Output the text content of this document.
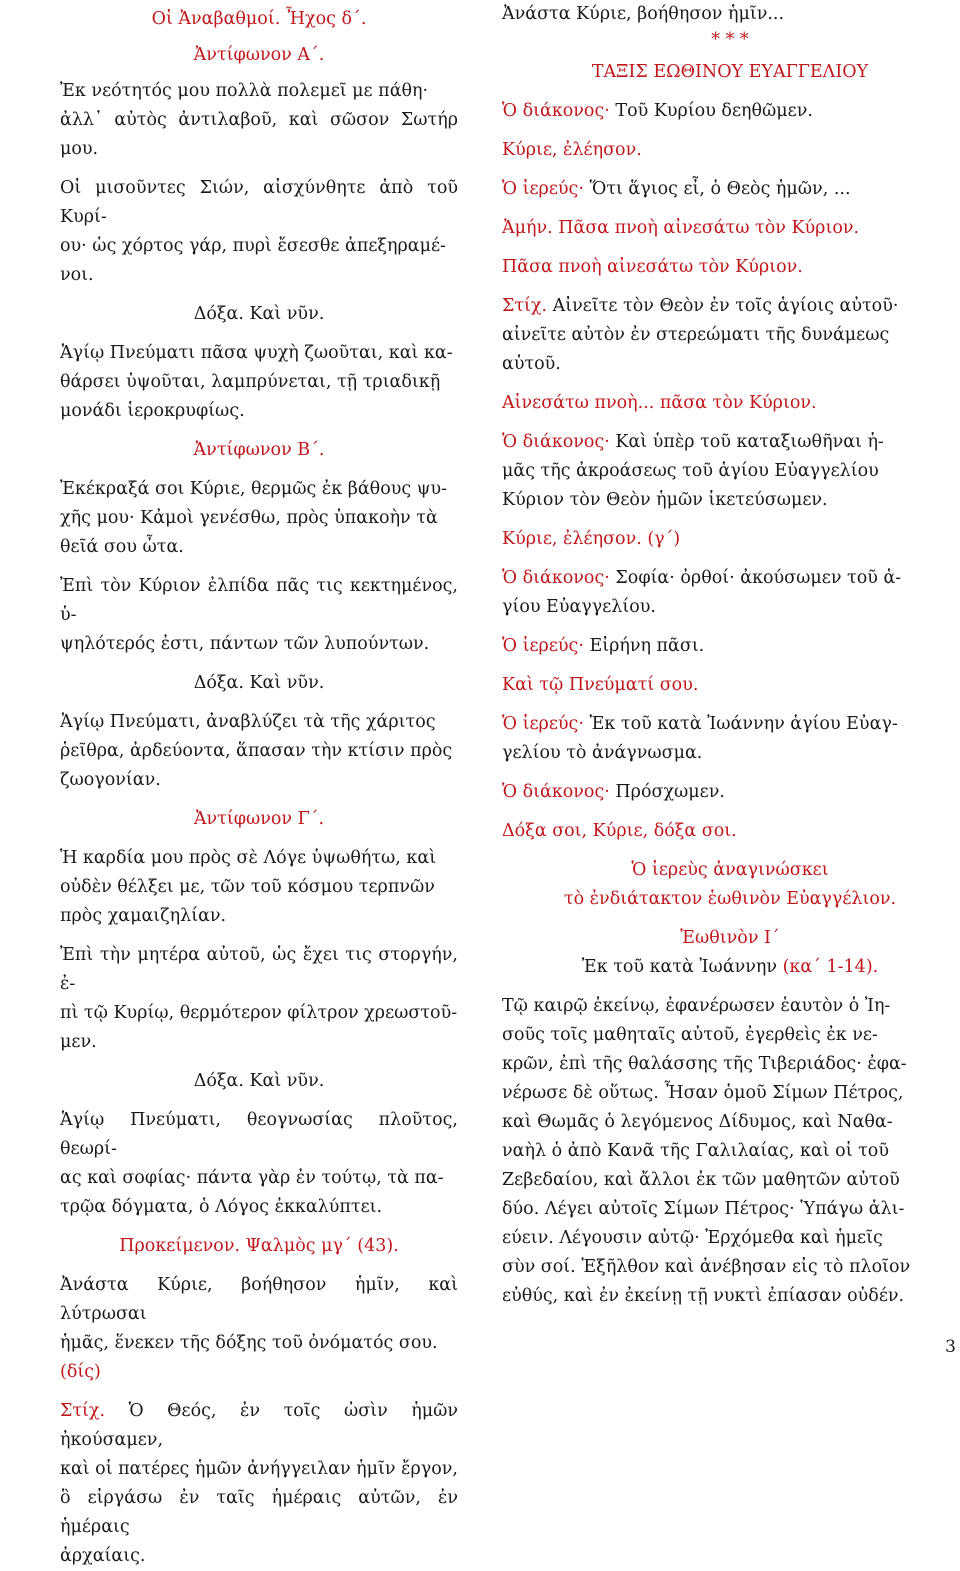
Οἱ Ἀναβαθμοί. Ἦχος δ΄.
Ἀντίφωνον Α΄.
Ἐκ νεότητός μου πολλὰ πολεμεῖ με πάθη·
ἀλλ᾽ αὐτὸς ἀντιλαβοῦ, καὶ σῶσον Σωτήρ μου.
Οἱ μισοῦντες Σιών, αἰσχύνθητε ἀπὸ τοῦ Κυρί-
ου· ὡς χόρτος γάρ, πυρὶ ἔσεσθε ἀπεξηραμέ-
νοι.
Δόξα. Καὶ νῦν.
Ἁγίῳ Πνεύματι πᾶσα ψυχὴ ζωοῦται, καὶ κα-
θάρσει ὑψοῦται, λαμπρύνεται, τῇ τριαδικῇ
μονάδι ἱεροκρυφίως.
Ἀντίφωνον Β΄.
Ἐκέκραξά σοι Κύριε, θερμῶς ἐκ βάθους ψυ-
χῆς μου· Κἀμοὶ γενέσθω, πρὸς ὑπακοὴν τὰ
θεῖά σου ὦτα.
Ἐπὶ τὸν Κύριον ἐλπίδα πᾶς τις κεκτημένος, ὑ-
ψηλότερός ἐστι, πάντων τῶν λυπούντων.
Δόξα. Καὶ νῦν.
Ἁγίῳ Πνεύματι, ἀναβλύζει τὰ τῆς χάριτος
ῥεῖθρα, ἀρδεύοντα, ἅπασαν τὴν κτίσιν πρὸς
ζωογονίαν.
Ἀντίφωνον Γ΄.
Ἡ καρδία μου πρὸς σὲ Λόγε ὑψωθήτω, καὶ
οὐδὲν θέλξει με, τῶν τοῦ κόσμου τερπνῶν
πρὸς χαμαιζηλίαν.
Ἐπὶ τὴν μητέρα αὐτοῦ, ὡς ἔχει τις στοργήν, ἐ-
πὶ τῷ Κυρίῳ, θερμότερον φίλτρον χρεωστοῦ-
μεν.
Δόξα. Καὶ νῦν.
Ἁγίῳ Πνεύματι, θεογνωσίας πλοῦτος, θεωρί-
ας καὶ σοφίας· πάντα γὰρ ἐν τούτῳ, τὰ πα-
τρῷα δόγματα, ὁ Λόγος ἐκκαλύπτει.
Προκείμενον. Ψαλμὸς μγ΄ (43).
Ἀνάστα Κύριε, βοήθησον ἡμῖν, καὶ λύτρωσαι
ἡμᾶς, ἕνεκεν τῆς δόξης τοῦ ὀνόματός σου.
(δίς)
Στίχ. Ὁ Θεός, ἐν τοῖς ὠσὶν ἡμῶν ἠκούσαμεν,
καὶ οἱ πατέρες ἡμῶν ἀνήγγειλαν ἡμῖν ἔργον,
ὃ εἰργάσω ἐν ταῖς ἡμέραις αὐτῶν, ἐν ἡμέραις
ἀρχαίαις.
Ἀνάστα Κύριε, βοήθησον ἡμῖν...
* * *
ΤΑΞΙΣ ΕΩΘΙΝΟΥ ΕΥΑΓΓΕΛΙΟΥ
Ὁ διάκονος· Τοῦ Κυρίου δεηθῶμεν.
Κύριε, ἐλέησον.
Ὁ ἱερεύς· Ὅτι ἅγιος εἶ, ὁ Θεὸς ἡμῶν, ...
Ἀμήν. Πᾶσα πνοὴ αἰνεσάτω τὸν Κύριον.
Πᾶσα πνοὴ αἰνεσάτω τὸν Κύριον.
Στίχ. Αἰνεῖτε τὸν Θεὸν ἐν τοῖς ἁγίοις αὐτοῦ·
αἰνεῖτε αὐτὸν ἐν στερεώματι τῆς δυνάμεως
αὐτοῦ.
Αἰνεσάτω πνοὴ... πᾶσα τὸν Κύριον.
Ὁ διάκονος· Καὶ ὑπὲρ τοῦ καταξιωθῆναι ἡ-
μᾶς τῆς ἀκροάσεως τοῦ ἁγίου Εὐαγγελίου
Κύριον τὸν Θεὸν ἡμῶν ἱκετεύσωμεν.
Κύριε, ἐλέησον. (γ΄)
Ὁ διάκονος· Σοφία· ὀρθοί· ἀκούσωμεν τοῦ ἁ-
γίου Εὐαγγελίου.
Ὁ ἱερεύς· Εἰρήνη πᾶσι.
Καὶ τῷ Πνεύματί σου.
Ὁ ἱερεύς· Ἐκ τοῦ κατὰ Ἰωάννην ἁγίου Εὐαγ-
γελίου τὸ ἀνάγνωσμα.
Ὁ διάκονος· Πρόσχωμεν.
Δόξα σοι, Κύριε, δόξα σοι.
Ὁ ἱερεὺς ἀναγινώσκει
τὸ ἐνδιάτακτον ἑωθινὸν Εὐαγγέλιον.
Ἑωθινὸν Ι΄
Ἐκ τοῦ κατὰ Ἰωάννην (κα΄ 1-14).
Τῷ καιρῷ ἐκείνῳ, ἐφανέρωσεν ἑαυτὸν ὁ Ἰη-
σοῦς τοῖς μαθηταῖς αὐτοῦ, ἐγερθεὶς ἐκ νε-
κρῶν, ἐπὶ τῆς θαλάσσης τῆς Τιβεριάδος· ἐφα-
νέρωσε δὲ οὕτως. Ἦσαν ὁμοῦ Σίμων Πέτρος,
καὶ Θωμᾶς ὁ λεγόμενος Δίδυμος, καὶ Ναθα-
ναὴλ ὁ ἀπὸ Κανᾶ τῆς Γαλιλαίας, καὶ οἱ τοῦ
Ζεβεδαίου, καὶ ἄλλοι ἐκ τῶν μαθητῶν αὐτοῦ
δύο. Λέγει αὐτοῖς Σίμων Πέτρος· Ὑπάγω ἁλι-
εύειν. Λέγουσιν αὐτῷ· Ἐρχόμεθα καὶ ἡμεῖς
σὺν σοί. Ἐξῆλθον καὶ ἀνέβησαν εἰς τὸ πλοῖον
εὐθύς, καὶ ἐν ἐκείνῃ τῇ νυκτὶ ἐπίασαν οὐδέν.
3
